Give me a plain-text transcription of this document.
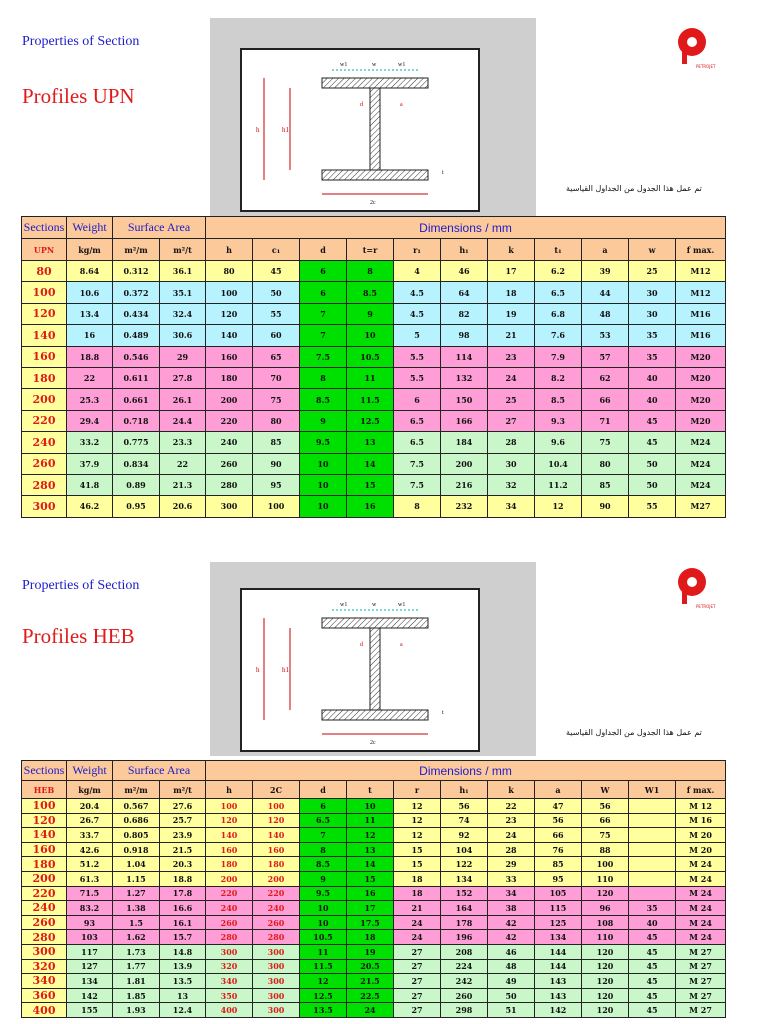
Properties of Section
Profiles UPN
w1	w	w1
h	h1
d	a
2c
t
PETROJET
تم عمل هذا الجدول من الجداول القياسية
Sections	Weight	Surface Area		Dimensions / mm										
UPN	kg/m	m²/m	m²/t	h	c₁	d	t=r	r₁	h₁	k	t₁	a	w	f max.
80	8.64	0.312	36.1	80	45	6	8	4	46	17	6.2	39	25	M12
100	10.6	0.372	35.1	100	50	6	8.5	4.5	64	18	6.5	44	30	M12
120	13.4	0.434	32.4	120	55	7	9	4.5	82	19	6.8	48	30	M16
140	16	0.489	30.6	140	60	7	10	5	98	21	7.6	53	35	M16
160	18.8	0.546	29	160	65	7.5	10.5	5.5	114	23	7.9	57	35	M20
180	22	0.611	27.8	180	70	8	11	5.5	132	24	8.2	62	40	M20
200	25.3	0.661	26.1	200	75	8.5	11.5	6	150	25	8.5	66	40	M20
220	29.4	0.718	24.4	220	80	9	12.5	6.5	166	27	9.3	71	45	M20
240	33.2	0.775	23.3	240	85	9.5	13	6.5	184	28	9.6	75	45	M24
260	37.9	0.834	22	260	90	10	14	7.5	200	30	10.4	80	50	M24
280	41.8	0.89	21.3	280	95	10	15	7.5	216	32	11.2	85	50	M24
300	46.2	0.95	20.6	300	100	10	16	8	232	34	12	90	55	M27
Properties of Section
Profiles HEB
w1	w	w1
h	h1
d	a
2c
t
PETROJET
تم عمل هذا الجدول من الجداول القياسية
Sections	Weight	Surface Area		Dimensions / mm										
HEB	kg/m	m²/m	m²/t	h	2C	d	t	r	h₁	k	a	W	W1	f max.
100	20.4	0.567	27.6	100	100	6	10	12	56	22	47	56		M 12
120	26.7	0.686	25.7	120	120	6.5	11	12	74	23	56	66		M 16
140	33.7	0.805	23.9	140	140	7	12	12	92	24	66	75		M 20
160	42.6	0.918	21.5	160	160	8	13	15	104	28	76	88		M 20
180	51.2	1.04	20.3	180	180	8.5	14	15	122	29	85	100		M 24
200	61.3	1.15	18.8	200	200	9	15	18	134	33	95	110		M 24
220	71.5	1.27	17.8	220	220	9.5	16	18	152	34	105	120		M 24
240	83.2	1.38	16.6	240	240	10	17	21	164	38	115	96	35	M 24
260	93	1.5	16.1	260	260	10	17.5	24	178	42	125	108	40	M 24
280	103	1.62	15.7	280	280	10.5	18	24	196	42	134	110	45	M 24
300	117	1.73	14.8	300	300	11	19	27	208	46	144	120	45	M 27
320	127	1.77	13.9	320	300	11.5	20.5	27	224	48	144	120	45	M 27
340	134	1.81	13.5	340	300	12	21.5	27	242	49	143	120	45	M 27
360	142	1.85	13	350	300	12.5	22.5	27	260	50	143	120	45	M 27
400	155	1.93	12.4	400	300	13.5	24	27	298	51	142	120	45	M 27
